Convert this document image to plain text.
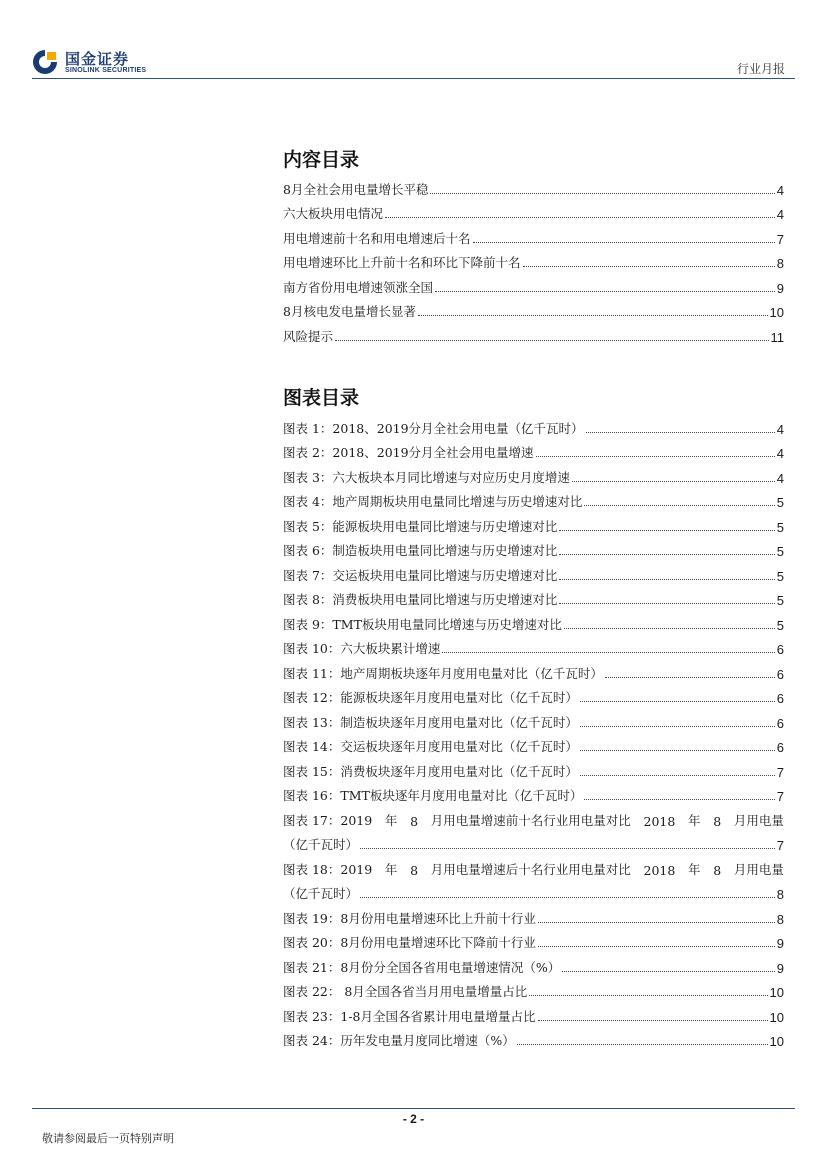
国金证券
SINOLINK SECURITIES	行业月报
内容目录
8月全社会用电量增长平稳	4
六大板块用电情况	4
用电增速前十名和用电增速后十名	7
用电增速环比上升前十名和环比下降前十名	8
南方省份用电增速领涨全国	9
8月核电发电量增长显著	10
风险提示	11
图表目录
图表 1：2018、2019分月全社会用电量（亿千瓦时）	4
图表 2：2018、2019分月全社会用电量增速	4
图表 3：六大板块本月同比增速与对应历史月度增速	4
图表 4：地产周期板块用电量同比增速与历史增速对比	5
图表 5：能源板块用电量同比增速与历史增速对比	5
图表 6：制造板块用电量同比增速与历史增速对比	5
图表 7：交运板块用电量同比增速与历史增速对比	5
图表 8：消费板块用电量同比增速与历史增速对比	5
图表 9：TMT板块用电量同比增速与历史增速对比	5
图表 10：六大板块累计增速	6
图表 11：地产周期板块逐年月度用电量对比（亿千瓦时）	6
图表 12：能源板块逐年月度用电量对比（亿千瓦时）	6
图表 13：制造板块逐年月度用电量对比（亿千瓦时）	6
图表 14：交运板块逐年月度用电量对比（亿千瓦时）	6
图表 15：消费板块逐年月度用电量对比（亿千瓦时）	7
图表 16：TMT板块逐年月度用电量对比（亿千瓦时）	7
图表 17：2019 年 8 月用电量增速前十名行业用电量对比 2018 年 8 月用电量
（亿千瓦时）	7
图表 18：2019 年 8 月用电量增速后十名行业用电量对比 2018 年 8 月用电量
（亿千瓦时）	8
图表 19：8月份用电量增速环比上升前十行业	8
图表 20：8月份用电量增速环比下降前十行业	9
图表 21：8月份分全国各省用电量增速情况（%）	9
图表 22： 8月全国各省当月用电量增量占比	10
图表 23：1-8月全国各省累计用电量增量占比	10
图表 24：历年发电量月度同比增速（%）	10
- 2 -
敬请参阅最后一页特别声明
